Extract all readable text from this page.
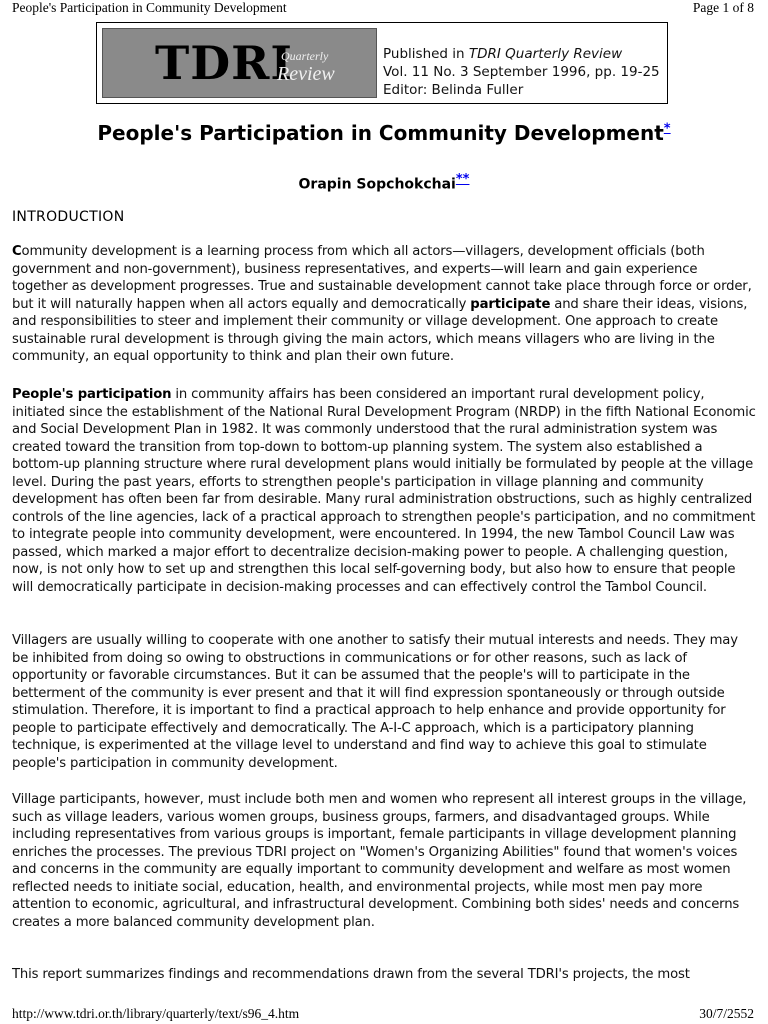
People's Participation in Community Development	Page 1 of 8
TDRI
Quarterly
Review
Published in TDRI Quarterly Review
Vol. 11 No. 3 September 1996, pp. 19-25
Editor: Belinda Fuller
People's Participation in Community Development*
Orapin Sopchokchai**
INTRODUCTION

Community development is a learning process from which all actors—villagers, development officials (both government and non-government), business representatives, and experts—will learn and gain experience together as development progresses. True and sustainable development cannot take place through force or order, but it will naturally happen when all actors equally and democratically participate and share their ideas, visions, and responsibilities to steer and implement their community or village development. One approach to create sustainable rural development is through giving the main actors, which means villagers who are living in the community, an equal opportunity to think and plan their own future.

People's participation in community affairs has been considered an important rural development policy, initiated since the establishment of the National Rural Development Program (NRDP) in the fifth National Economic and Social Development Plan in 1982. It was commonly understood that the rural administration system was created toward the transition from top-down to bottom-up planning system. The system also established a bottom-up planning structure where rural development plans would initially be formulated by people at the village level. During the past years, efforts to strengthen people's participation in village planning and community development has often been far from desirable. Many rural administration obstructions, such as highly centralized controls of the line agencies, lack of a practical approach to strengthen people's participation, and no commitment to integrate people into community development, were encountered. In 1994, the new Tambol Council Law was passed, which marked a major effort to decentralize decision-making power to people. A challenging question, now, is not only how to set up and strengthen this local self-governing body, but also how to ensure that people will democratically participate in decision-making processes and can effectively control the Tambol Council.

Villagers are usually willing to cooperate with one another to satisfy their mutual interests and needs. They may be inhibited from doing so owing to obstructions in communications or for other reasons, such as lack of opportunity or favorable circumstances. But it can be assumed that the people's will to participate in the betterment of the community is ever present and that it will find expression spontaneously or through outside stimulation. Therefore, it is important to find a practical approach to help enhance and provide opportunity for people to participate effectively and democratically. The A-I-C approach, which is a participatory planning technique, is experimented at the village level to understand and find way to achieve this goal to stimulate people's participation in community development.

Village participants, however, must include both men and women who represent all interest groups in the village, such as village leaders, various women groups, business groups, farmers, and disadvantaged groups. While including representatives from various groups is important, female participants in village development planning enriches the processes. The previous TDRI project on "Women's Organizing Abilities" found that women's voices and concerns in the community are equally important to community development and welfare as most women reflected needs to initiate social, education, health, and environmental projects, while most men pay more attention to economic, agricultural, and infrastructural development. Combining both sides' needs and concerns creates a more balanced community development plan.

This report summarizes findings and recommendations drawn from the several TDRI's projects, the most

http://www.tdri.or.th/library/quarterly/text/s96_4.htm	30/7/2552
